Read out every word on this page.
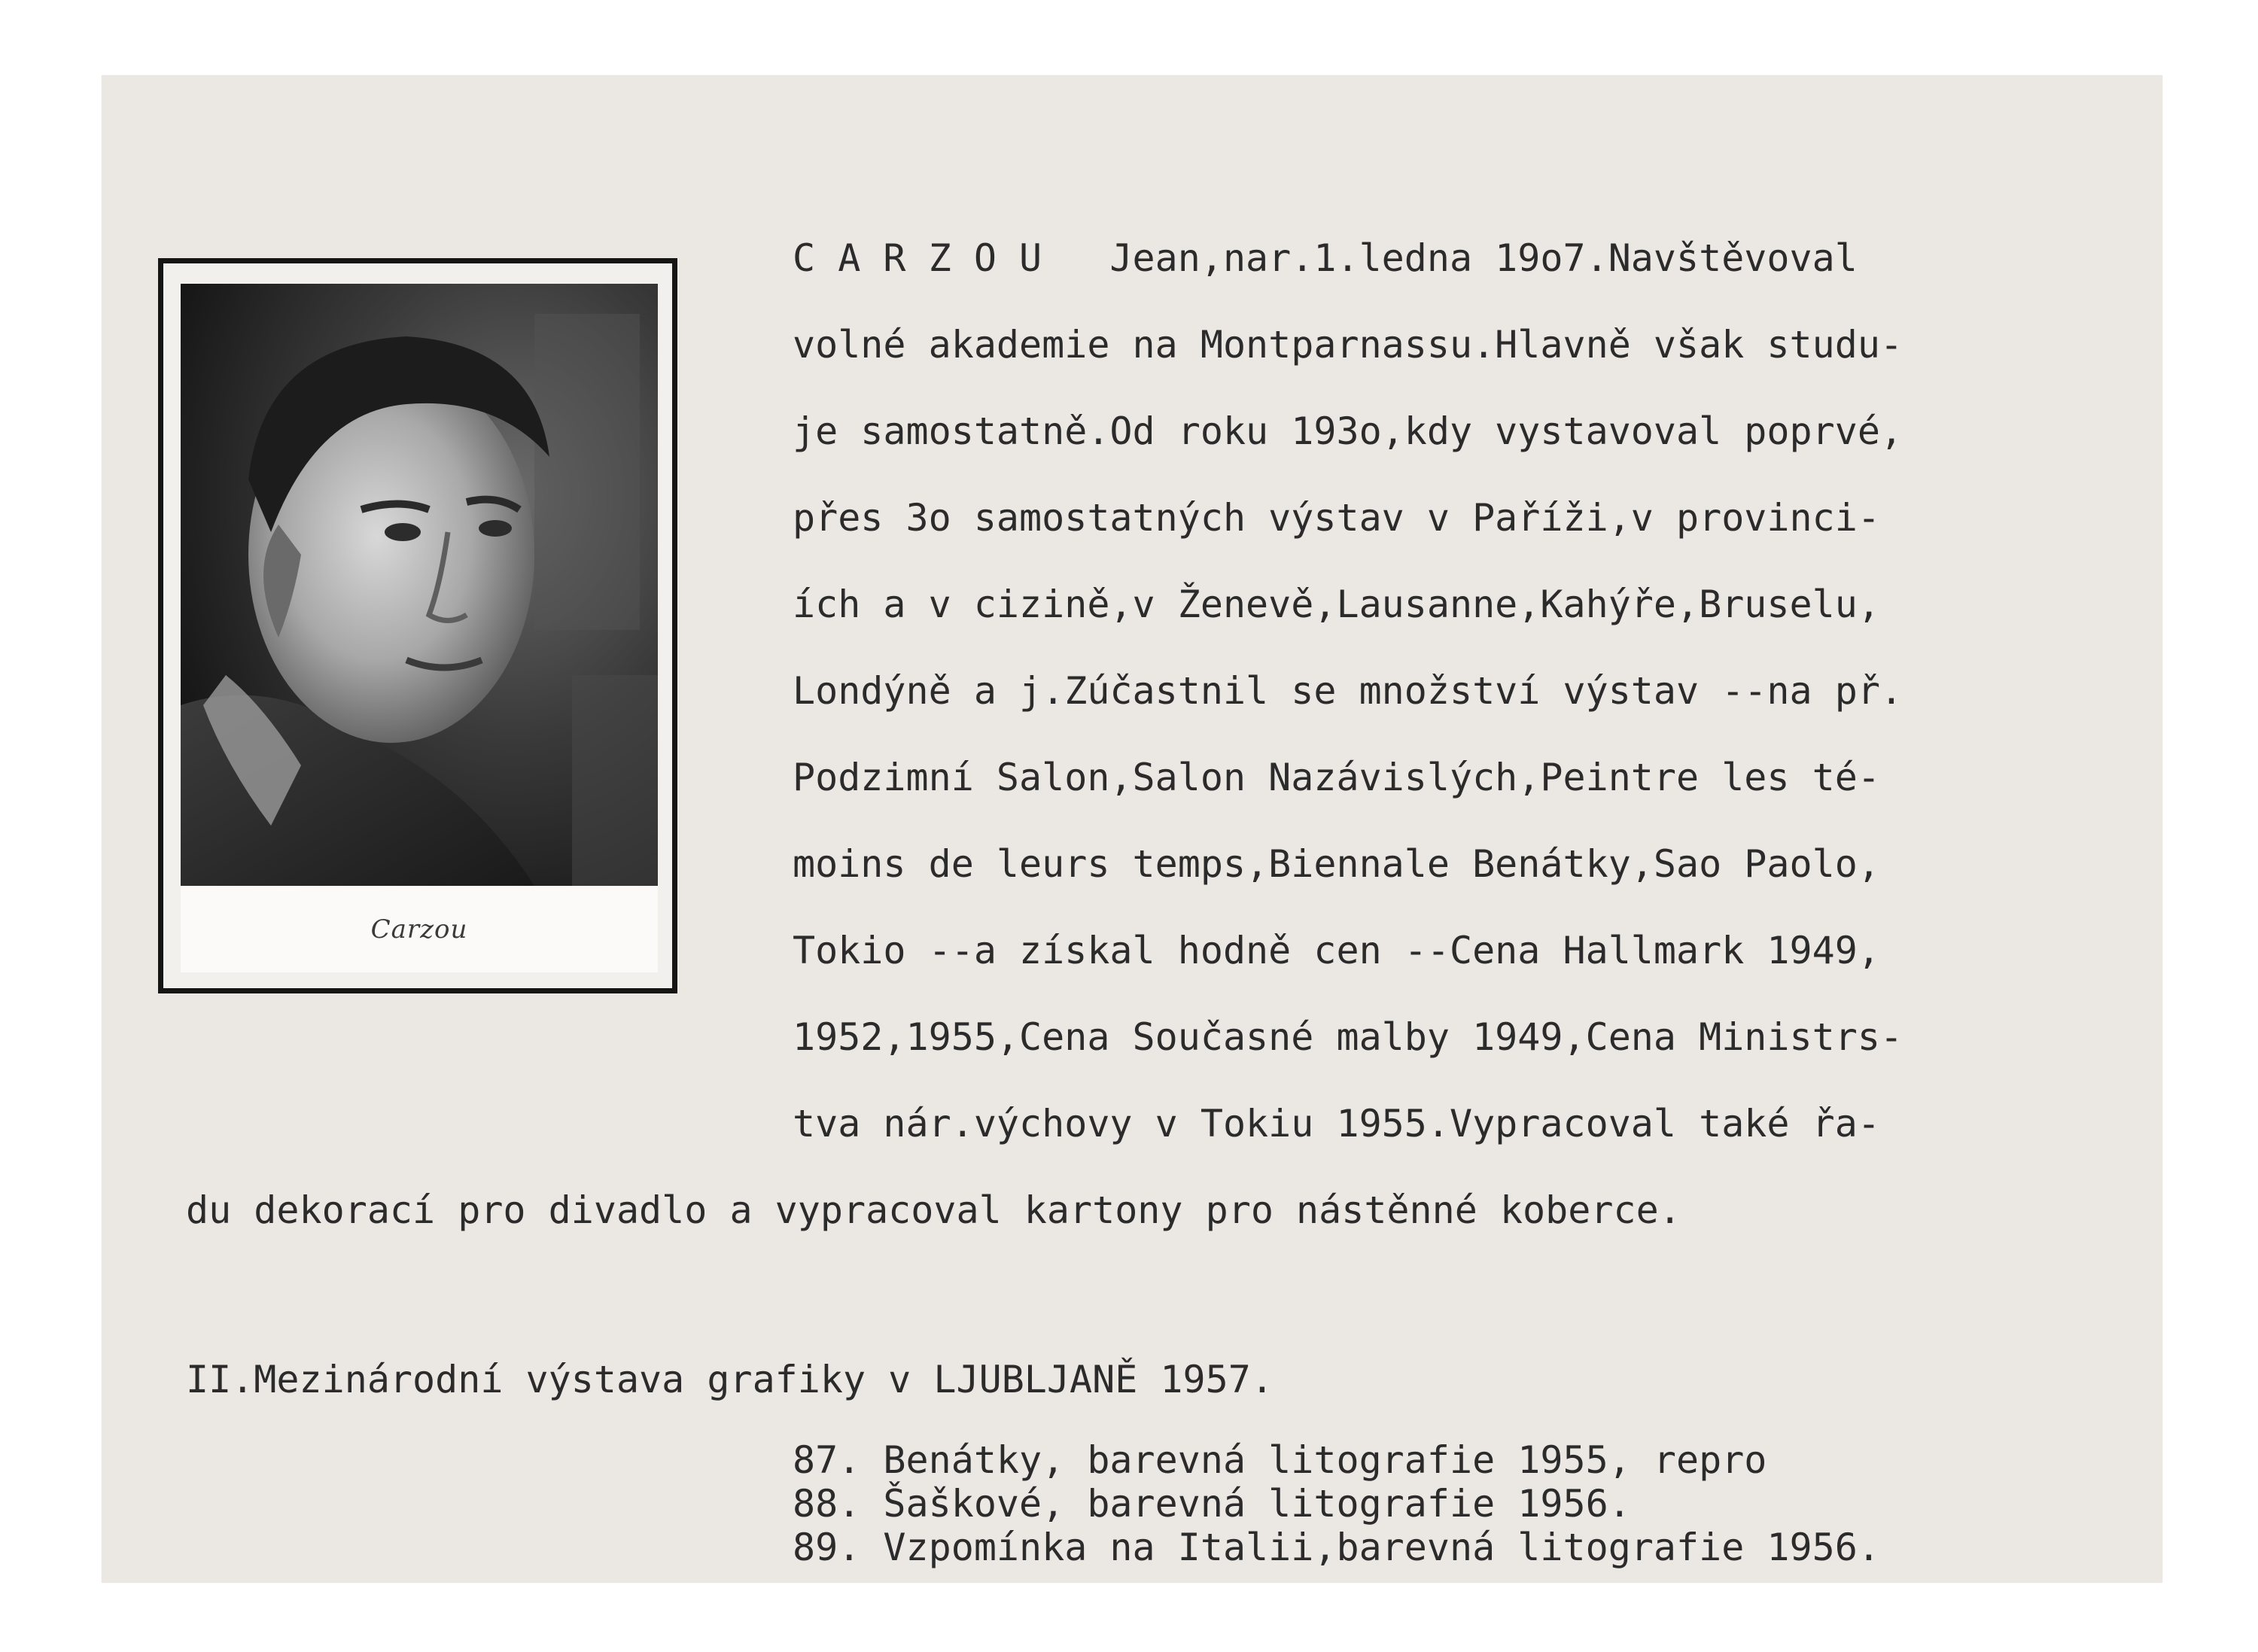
Carzou
C A R Z O U   Jean,nar.1.ledna 19o7.Navštěvoval
volné akademie na Montparnassu.Hlavně však studu-
je samostatně.Od roku 193o,kdy vystavoval poprvé,
přes 3o samostatných výstav v Paříži,v provinci-
ích a v cizině,v Ženevě,Lausanne,Kahýře,Bruselu,
Londýně a j.Zúčastnil se množství výstav --na př.
Podzimní Salon,Salon Nazávislých,Peintre les té-
moins de leurs temps,Biennale Benátky,Sao Paolo,
Tokio --a získal hodně cen --Cena Hallmark 1949,
1952,1955,Cena Současné malby 1949,Cena Ministrs-
tva nár.výchovy v Tokiu 1955.Vypracoval také řa-
du dekorací pro divadlo a vypracoval kartony pro nástěnné koberce.
II.Mezinárodní výstava grafiky v LJUBLJANĚ 1957.
87. Benátky, barevná litografie 1955, repro
88. Šaškové, barevná litografie 1956.
89. Vzpomínka na Italii,barevná litografie 1956.
